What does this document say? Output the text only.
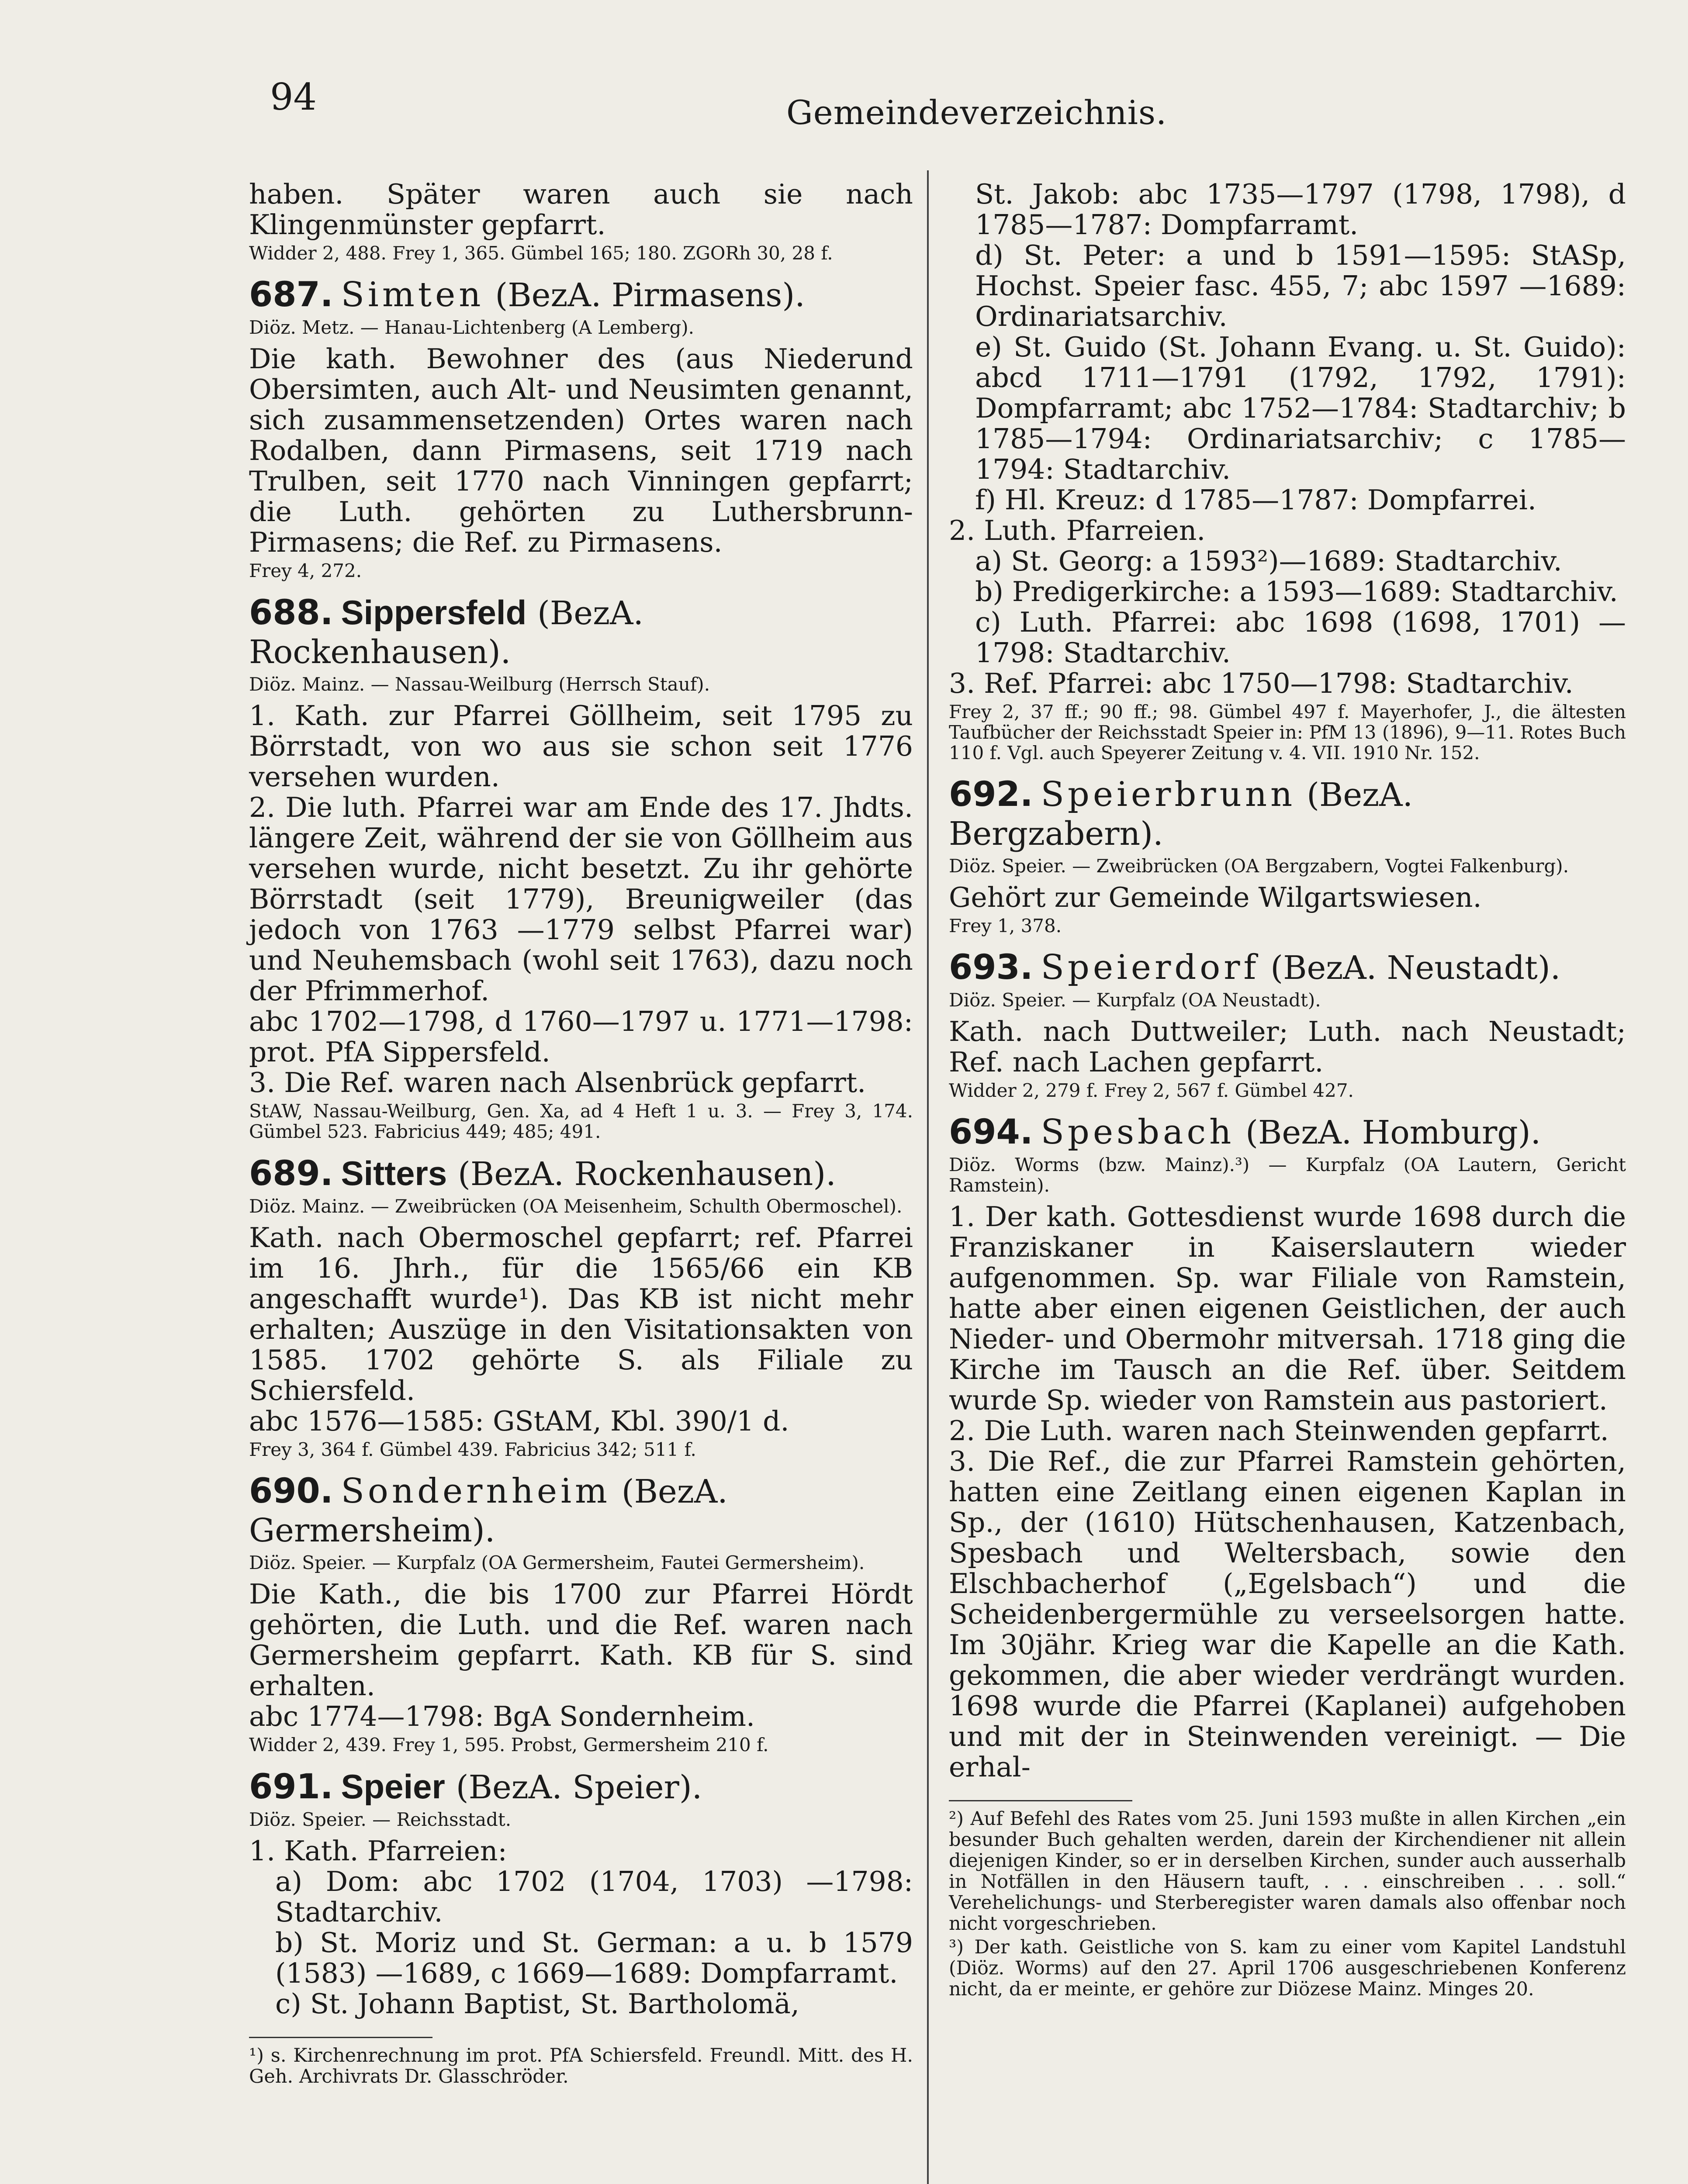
94	Gemeindeverzeichnis.

haben. Später waren auch sie nach Klingenmünster gepfarrt.

Widder 2, 488. Frey 1, 365. Gümbel 165; 180. ZGORh 30, 28 f.

687. Simten (BezA. Pirmasens).

Diöz. Metz. — Hanau-Lichtenberg (A Lemberg).

Die kath. Bewohner des (aus Niederund Obersimten, auch Alt- und Neusimten genannt, sich zusammensetzenden) Ortes waren nach Rodalben, dann Pirmasens, seit 1719 nach Trulben, seit 1770 nach Vinningen gepfarrt; die Luth. gehörten zu Luthersbrunn-Pirmasens; die Ref. zu Pirmasens.

Frey 4, 272.

688. Sippersfeld (BezA. Rockenhausen).

Diöz. Mainz. — Nassau-Weilburg (Herrsch Stauf).

1. Kath. zur Pfarrei Göllheim, seit 1795 zu Börrstadt, von wo aus sie schon seit 1776 versehen wurden.

2. Die luth. Pfarrei war am Ende des 17. Jhdts. längere Zeit, während der sie von Göllheim aus versehen wurde, nicht besetzt. Zu ihr gehörte Börrstadt (seit 1779), Breunigweiler (das jedoch von 1763 —1779 selbst Pfarrei war) und Neuhemsbach (wohl seit 1763), dazu noch der Pfrimmerhof.

abc 1702—1798, d 1760—1797 u. 1771—1798: prot. PfA Sippersfeld.

3. Die Ref. waren nach Alsenbrück gepfarrt.

StAW, Nassau-Weilburg, Gen. Xa, ad 4 Heft 1 u. 3. — Frey 3, 174. Gümbel 523. Fabricius 449; 485; 491.

689. Sitters (BezA. Rockenhausen).

Diöz. Mainz. — Zweibrücken (OA Meisenheim, Schulth Obermoschel).

Kath. nach Obermoschel gepfarrt; ref. Pfarrei im 16. Jhrh., für die 1565/66 ein KB angeschafft wurde¹). Das KB ist nicht mehr erhalten; Auszüge in den Visitationsakten von 1585. 1702 gehörte S. als Filiale zu Schiersfeld.

abc 1576—1585: GStAM, Kbl. 390/1 d.

Frey 3, 364 f. Gümbel 439. Fabricius 342; 511 f.

690. Sondernheim (BezA. Germersheim).

Diöz. Speier. — Kurpfalz (OA Germersheim, Fautei Germersheim).

Die Kath., die bis 1700 zur Pfarrei Hördt gehörten, die Luth. und die Ref. waren nach Germersheim gepfarrt. Kath. KB für S. sind erhalten.

abc 1774—1798: BgA Sondernheim.

Widder 2, 439. Frey 1, 595. Probst, Germersheim 210 f.

691. Speier (BezA. Speier).

Diöz. Speier. — Reichsstadt.

1. Kath. Pfarreien:

a) Dom: abc 1702 (1704, 1703) —1798: Stadtarchiv.

b) St. Moriz und St. German: a u. b 1579 (1583) —1689, c 1669—1689: Dompfarramt.

c) St. Johann Baptist, St. Bartholomä,

¹) s. Kirchenrechnung im prot. PfA Schiersfeld. Freundl. Mitt. des H. Geh. Archivrats Dr. Glasschröder.

St. Jakob: abc 1735—1797 (1798, 1798), d 1785—1787: Dompfarramt.

d) St. Peter: a und b 1591—1595: StASp, Hochst. Speier fasc. 455, 7; abc 1597 —1689: Ordinariatsarchiv.

e) St. Guido (St. Johann Evang. u. St. Guido): abcd 1711—1791 (1792, 1792, 1791): Dompfarramt; abc 1752—1784: Stadtarchiv; b 1785—1794: Ordinariatsarchiv; c 1785—1794: Stadtarchiv.

f) Hl. Kreuz: d 1785—1787: Dompfarrei.

2. Luth. Pfarreien.

a) St. Georg: a 1593²)—1689: Stadtarchiv.

b) Predigerkirche: a 1593—1689: Stadtarchiv.

c) Luth. Pfarrei: abc 1698 (1698, 1701) —1798: Stadtarchiv.

3. Ref. Pfarrei: abc 1750—1798: Stadtarchiv.

Frey 2, 37 ff.; 90 ff.; 98. Gümbel 497 f. Mayerhofer, J., die ältesten Taufbücher der Reichsstadt Speier in: PfM 13 (1896), 9—11. Rotes Buch 110 f. Vgl. auch Speyerer Zeitung v. 4. VII. 1910 Nr. 152.

692. Speierbrunn (BezA. Bergzabern).

Diöz. Speier. — Zweibrücken (OA Bergzabern, Vogtei Falkenburg).

Gehört zur Gemeinde Wilgartswiesen.

Frey 1, 378.

693. Speierdorf (BezA. Neustadt).

Diöz. Speier. — Kurpfalz (OA Neustadt).

Kath. nach Duttweiler; Luth. nach Neustadt; Ref. nach Lachen gepfarrt.

Widder 2, 279 f. Frey 2, 567 f. Gümbel 427.

694. Spesbach (BezA. Homburg).

Diöz. Worms (bzw. Mainz).³) — Kurpfalz (OA Lautern, Gericht Ramstein).

1. Der kath. Gottesdienst wurde 1698 durch die Franziskaner in Kaiserslautern wieder aufgenommen. Sp. war Filiale von Ramstein, hatte aber einen eigenen Geistlichen, der auch Nieder- und Obermohr mitversah. 1718 ging die Kirche im Tausch an die Ref. über. Seitdem wurde Sp. wieder von Ramstein aus pastoriert.

2. Die Luth. waren nach Steinwenden gepfarrt.

3. Die Ref., die zur Pfarrei Ramstein gehörten, hatten eine Zeitlang einen eigenen Kaplan in Sp., der (1610) Hütschenhausen, Katzenbach, Spesbach und Weltersbach, sowie den Elschbacherhof („Egelsbach“) und die Scheidenbergermühle zu verseelsorgen hatte. Im 30jähr. Krieg war die Kapelle an die Kath. gekommen, die aber wieder verdrängt wurden. 1698 wurde die Pfarrei (Kaplanei) aufgehoben und mit der in Steinwenden vereinigt. — Die erhal-

²) Auf Befehl des Rates vom 25. Juni 1593 mußte in allen Kirchen „ein besunder Buch gehalten werden, darein der Kirchendiener nit allein diejenigen Kinder, so er in derselben Kirchen, sunder auch ausserhalb in Notfällen in den Häusern tauft, . . . einschreiben . . . soll.“ Verehelichungs- und Sterberegister waren damals also offenbar noch nicht vorgeschrieben.

³) Der kath. Geistliche von S. kam zu einer vom Kapitel Landstuhl (Diöz. Worms) auf den 27. April 1706 ausgeschriebenen Konferenz nicht, da er meinte, er gehöre zur Diözese Mainz. Minges 20.
